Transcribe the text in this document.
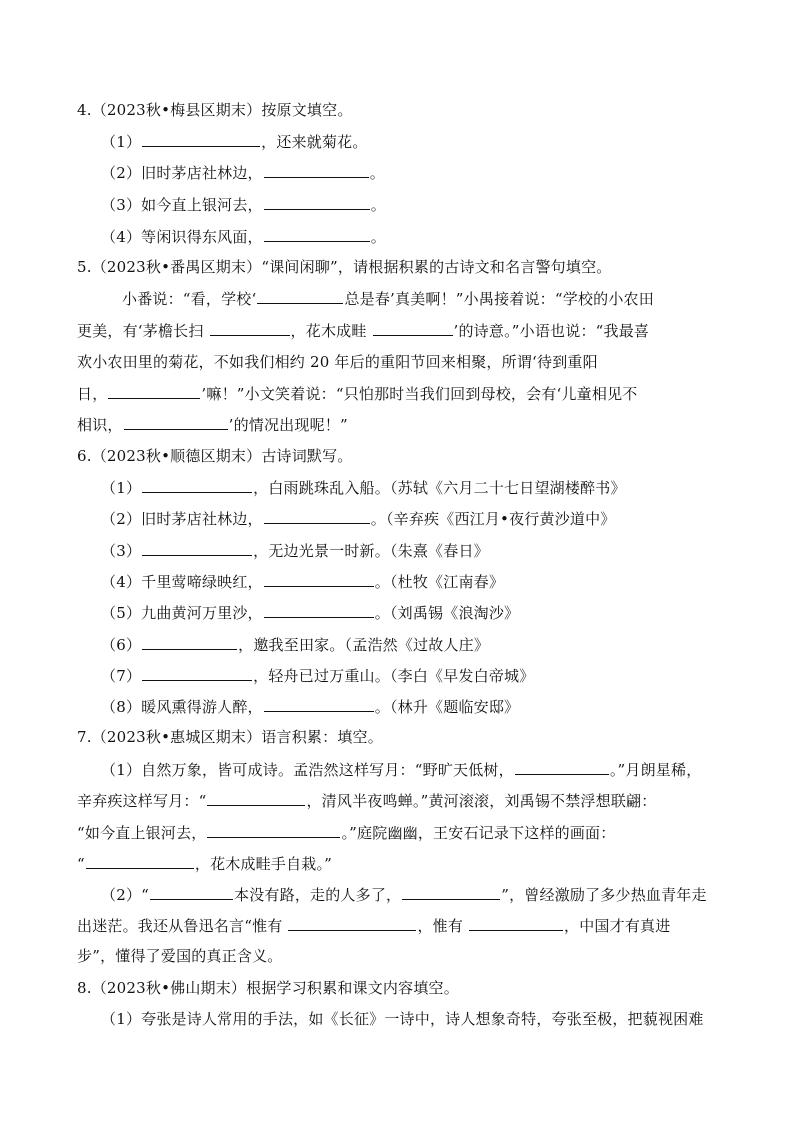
4.（2023秋•梅县区期末）按原文填空。
（1）	，还来就菊花。
（2）旧时茅店社林边，	。
（3）如今直上银河去，	。
（4）等闲识得东风面，	。
5.（2023秋•番禺区期末）“课间闲聊”，请根据积累的古诗文和名言警句填空。
小番说：“看，学校‘	总是春’真美啊！”小禺接着说：“学校的小农田
更美，有‘茅檐长扫	，花木成畦	’的诗意。”小语也说：“我最喜
欢小农田里的菊花，不如我们相约 20 年后的重阳节回来相聚，所谓‘待到重阳
日，	’嘛！”小文笑着说：“只怕那时当我们回到母校，会有‘儿童相见不
相识，	’的情况出现呢！”
6.（2023秋•顺德区期末）古诗词默写。
（1）	，白雨跳珠乱入船。（苏轼《六月二十七日望湖楼醉书》
（2）旧时茅店社林边，	。（辛弃疾《西江月•夜行黄沙道中》
（3）	，无边光景一时新。（朱熹《春日》
（4）千里莺啼绿映红，	。（杜牧《江南春》
（5）九曲黄河万里沙，	。（刘禹锡《浪淘沙》
（6）	，邀我至田家。（孟浩然《过故人庄》
（7）	，轻舟已过万重山。（李白《早发白帝城》
（8）暖风熏得游人醉，	。（林升《题临安邸》
7.（2023秋•惠城区期末）语言积累：填空。
（1）自然万象，皆可成诗。孟浩然这样写月：“野旷天低树，	。”月朗星稀，
辛弃疾这样写月：“	，清风半夜鸣蝉。”黄河滚滚，刘禹锡不禁浮想联翩：
“如今直上银河去，	。”庭院幽幽，王安石记录下这样的画面：
“	，花木成畦手自栽。”
（2）“	本没有路，走的人多了，	”，曾经激励了多少热血青年走
出迷茫。我还从鲁迅名言“惟有	，惟有	，中国才有真进
步”，懂得了爱国的真正含义。
8.（2023秋•佛山期末）根据学习积累和课文内容填空。
（1）夸张是诗人常用的手法，如《长征》一诗中，诗人想象奇特，夸张至极，把藐视困难
